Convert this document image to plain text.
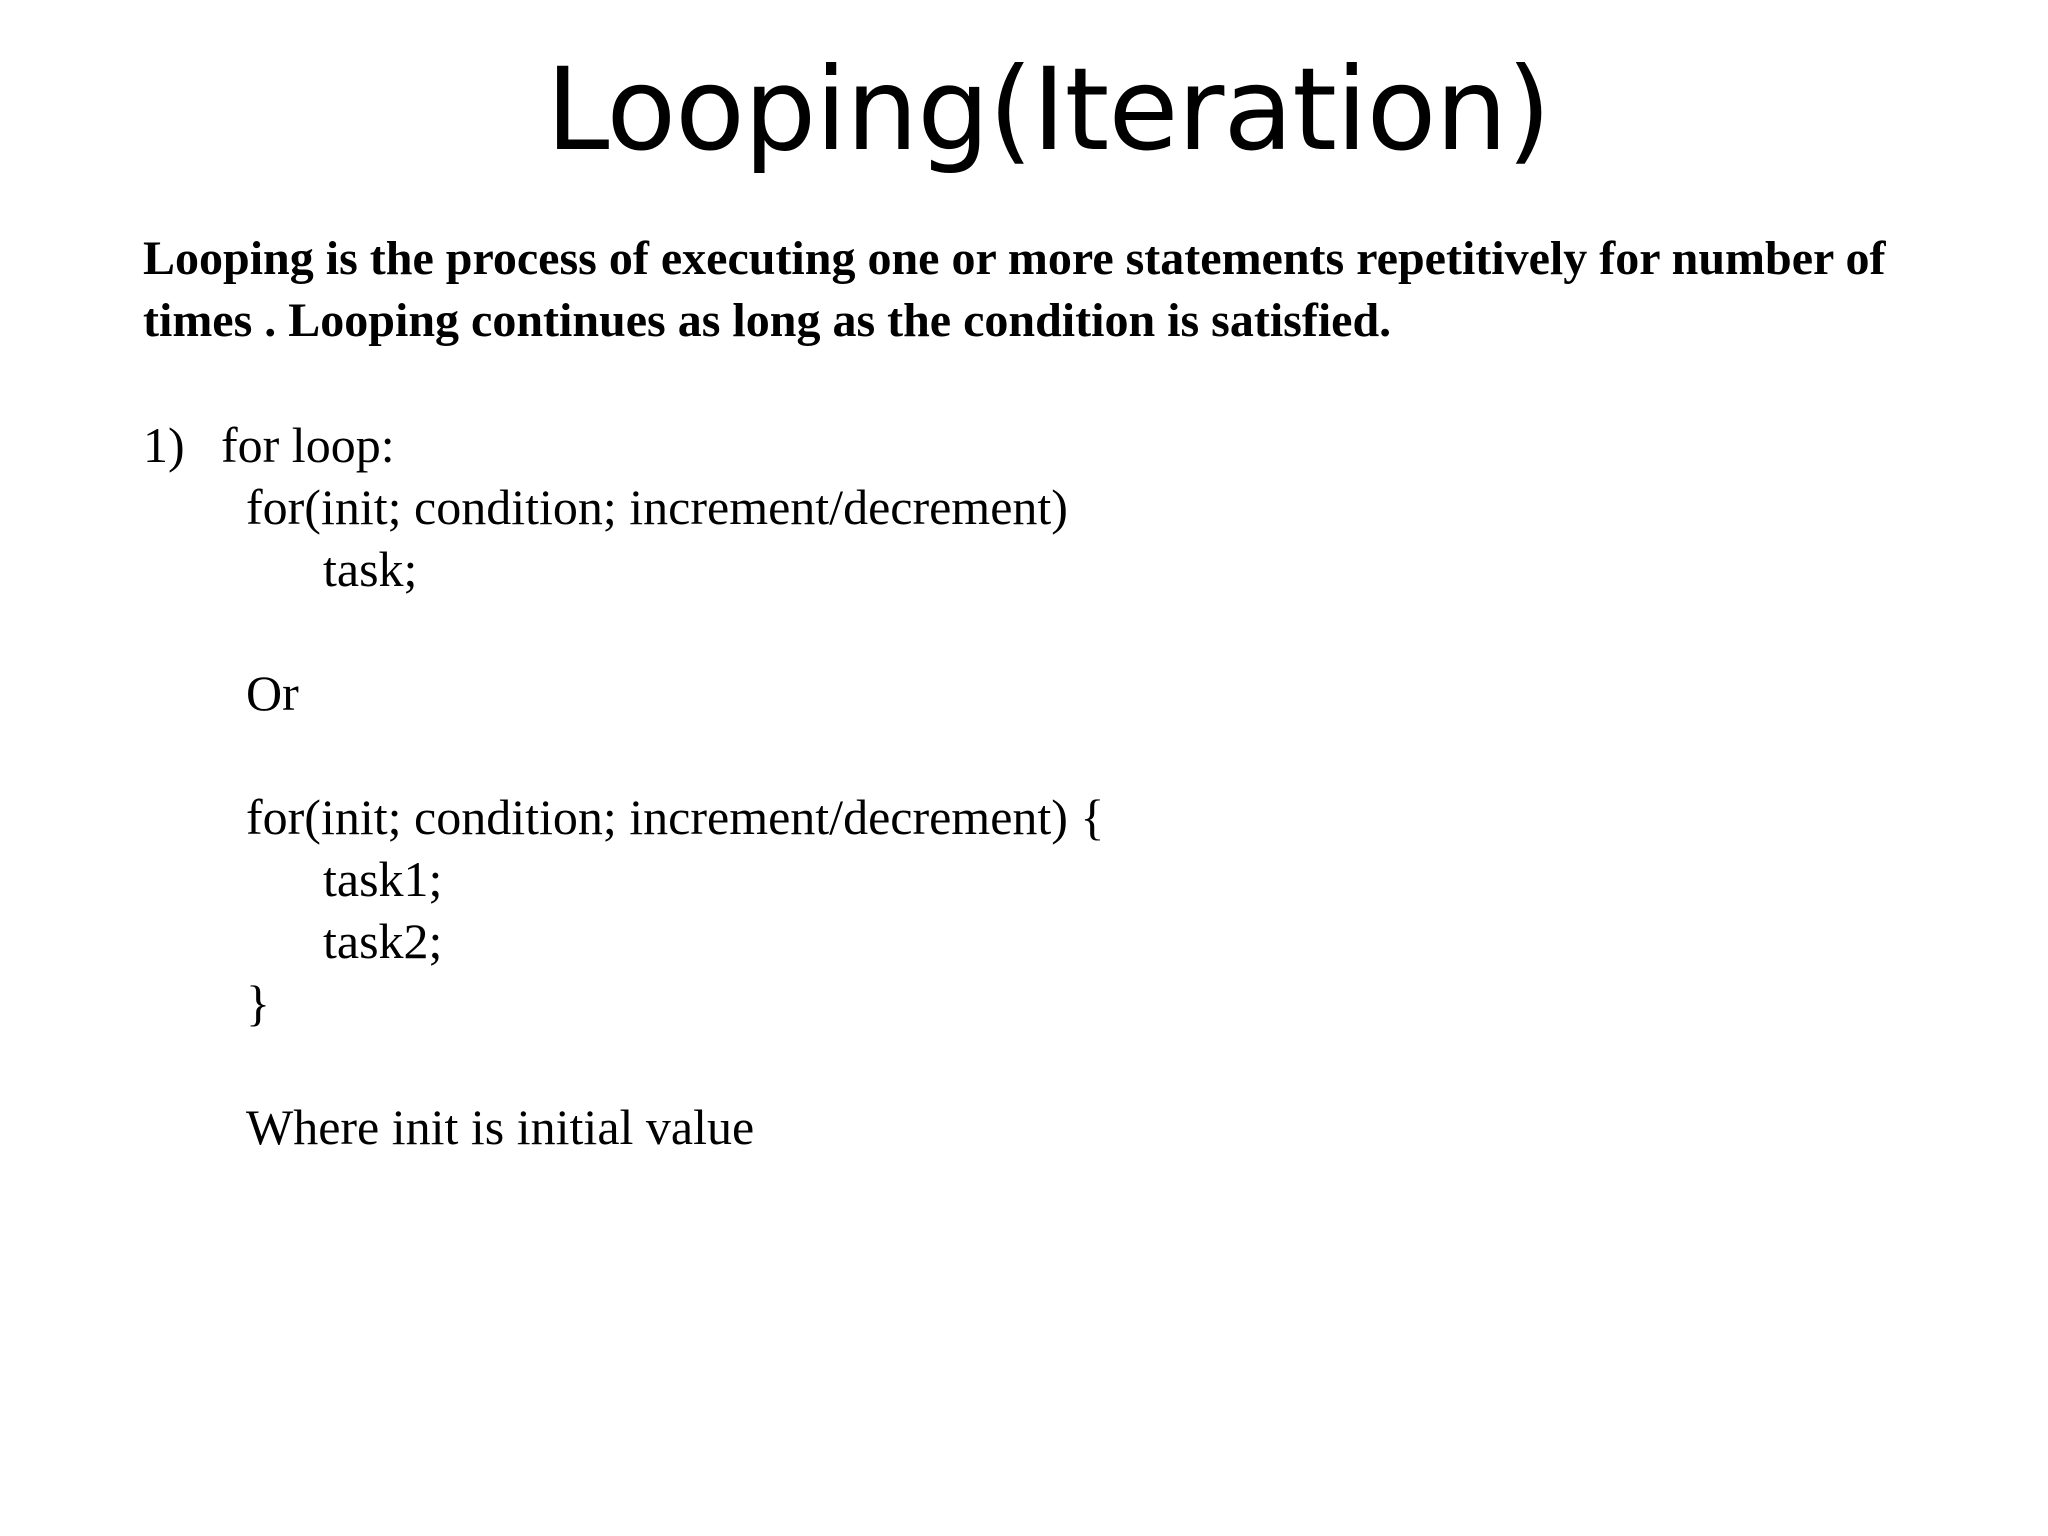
Looping(Iteration)

Looping is the process of executing one or more statements repetitively for number of times . Looping continues as long as the condition is satisfied.

1) for loop:
for(init; condition; increment/decrement)
task;
Or
for(init; condition; increment/decrement) {
task1;
task2;
}
Where init is initial value
